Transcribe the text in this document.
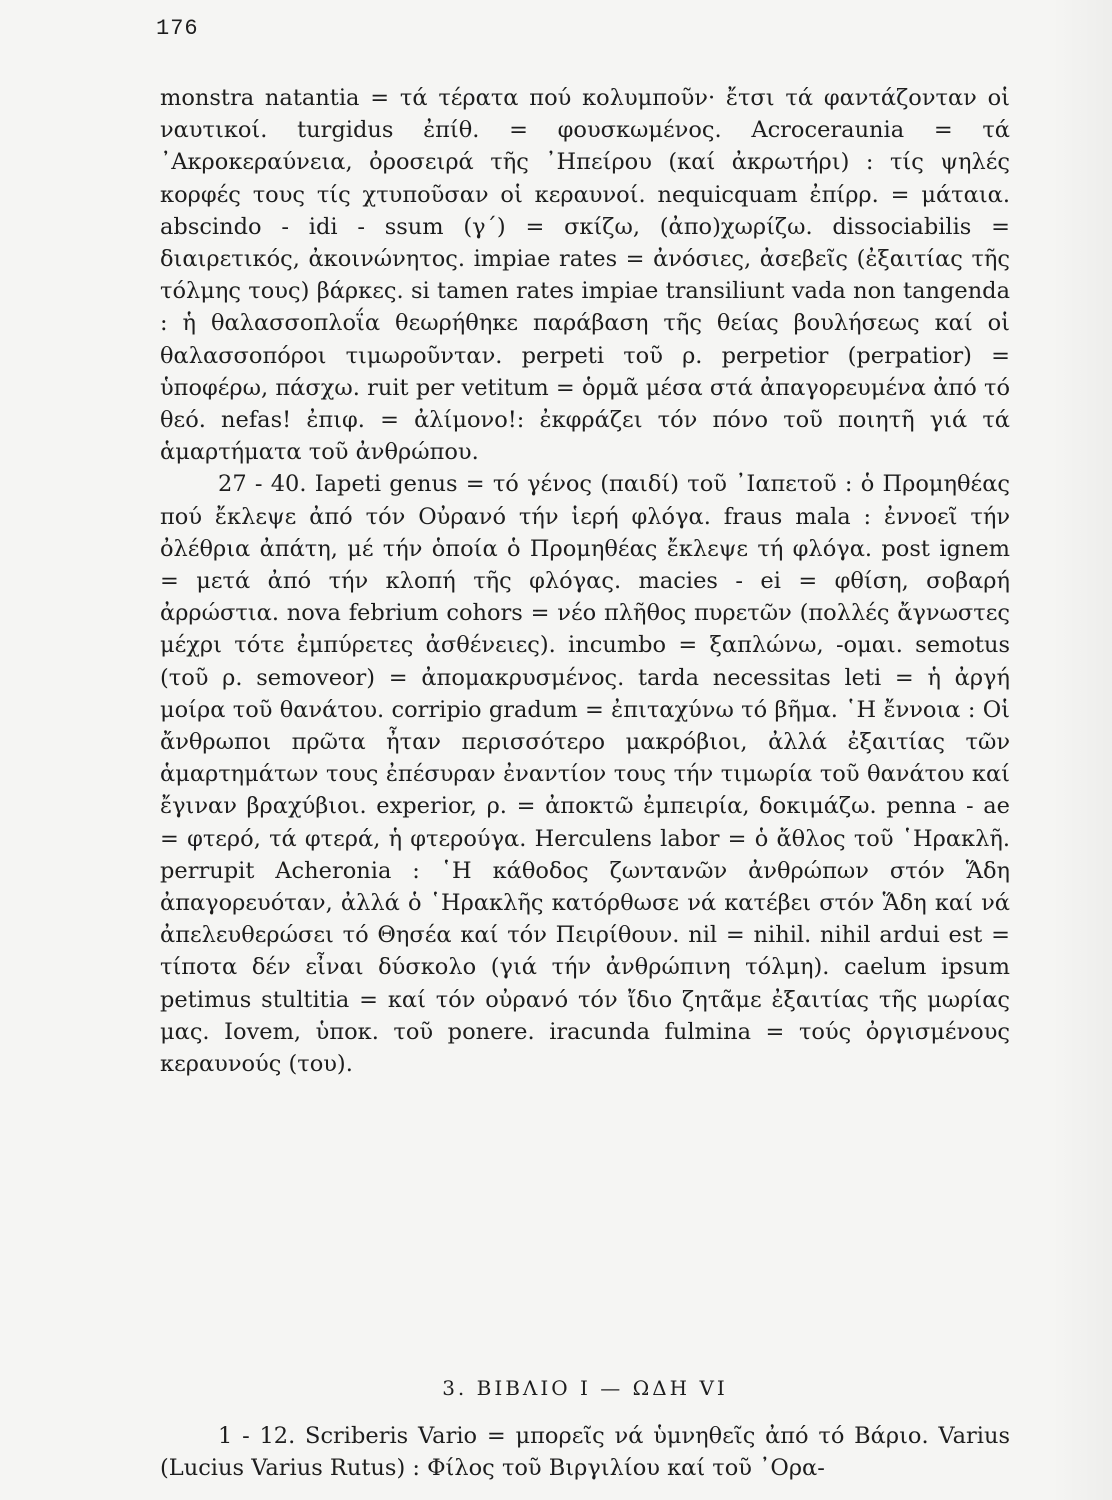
176

monstra natantia = τά τέρατα πού κολυμποῦν· ἔτσι τά φαντάζονταν οἱ ναυτικοί. turgidus ἐπίθ. = φουσκωμένος. Acroceraunia = τά ᾿Ακροκεραύνεια, ὀροσειρά τῆς ᾿Ηπείρου (καί ἀκρωτήρι) : τίς ψηλές κορφές τους τίς χτυποῦσαν οἱ κεραυνοί. nequicquam ἐπίρρ. = μάταια. abscindo - idi - ssum (γ΄) = σκίζω, (ἀπο)χωρίζω. dissociabilis = διαιρετικός, ἀκοινώνητος. impiae rates = ἀνόσιες, ἀσεβεῖς (ἐξαιτίας τῆς τόλμης τους) βάρκες. si tamen rates impiae transiliunt vada non tangenda : ἡ θαλασσοπλοΐα θεωρήθηκε παράβαση τῆς θείας βουλήσεως καί οἱ θαλασσοπόροι τιμωροῦνταν. perpeti τοῦ ρ. perpetior (perpatior) = ὑποφέρω, πάσχω. ruit per vetitum = ὁρμᾶ μέσα στά ἀπαγορευμένα ἀπό τό θεό. nefas! ἐπιφ. = ἀλίμονο!: ἐκφράζει τόν πόνο τοῦ ποιητῆ γιά τά ἁμαρτήματα τοῦ ἀνθρώπου.

27 - 40. Iapeti genus = τό γένος (παιδί) τοῦ ᾿Ιαπετοῦ : ὁ Προμηθέας πού ἔκλεψε ἀπό τόν Οὐρανό τήν ἱερή φλόγα. fraus mala : ἐννοεῖ τήν ὀλέθρια ἀπάτη, μέ τήν ὁποία ὁ Προμηθέας ἔκλεψε τή φλόγα. post ignem = μετά ἀπό τήν κλοπή τῆς φλόγας. macies - ei = φθίση, σοβαρή ἀρρώστια. nova febrium cohors = νέο πλῆθος πυρετῶν (πολλές ἄγνωστες μέχρι τότε ἐμπύρετες ἀσθένειες). incumbo = ξαπλώνω, -ομαι. semotus (τοῦ ρ. semoveor) = ἀπομακρυσμένος. tarda necessitas leti = ἡ ἀργή μοίρα τοῦ θανάτου. corripio gradum = ἐπιταχύνω τό βῆμα. ῾Η ἔννοια : Οἱ ἄνθρωποι πρῶτα ἦταν περισσότερο μακρόβιοι, ἀλλά ἐξαιτίας τῶν ἁμαρτημάτων τους ἐπέσυραν ἐναντίον τους τήν τιμωρία τοῦ θανάτου καί ἔγιναν βραχύβιοι. experior, ρ. = ἀποκτῶ ἐμπειρία, δοκιμάζω. penna - ae = φτερό, τά φτερά, ἡ φτερούγα. Herculens labor = ὁ ἄθλος τοῦ ῾Ηρακλῆ. perrupit Acheronia : ῾Η κάθοδος ζωντανῶν ἀνθρώπων στόν Ἅδη ἀπαγορευόταν, ἀλλά ὁ ῾Ηρακλῆς κατόρθωσε νά κατέβει στόν Ἅδη καί νά ἀπελευθερώσει τό Θησέα καί τόν Πειρίθουν. nil = nihil. nihil ardui est = τίποτα δέν εἶναι δύσκολο (γιά τήν ἀνθρώπινη τόλμη). caelum ipsum petimus stultitia = καί τόν οὐρανό τόν ἴδιο ζητᾶμε ἐξαιτίας τῆς μωρίας μας. Iovem, ὑποκ. τοῦ ponere. iracunda fulmina = τούς ὀργισμένους κεραυνούς (του).

3. ΒΙΒΛΙΟ Ι — ΩΔΗ VI

1 - 12. Scriberis Vario = μπορεῖς νά ὑμνηθεῖς ἀπό τό Βάριο. Varius (Lucius Varius Rutus) : Φίλος τοῦ Βιργιλίου καί τοῦ ᾿Ορα-
